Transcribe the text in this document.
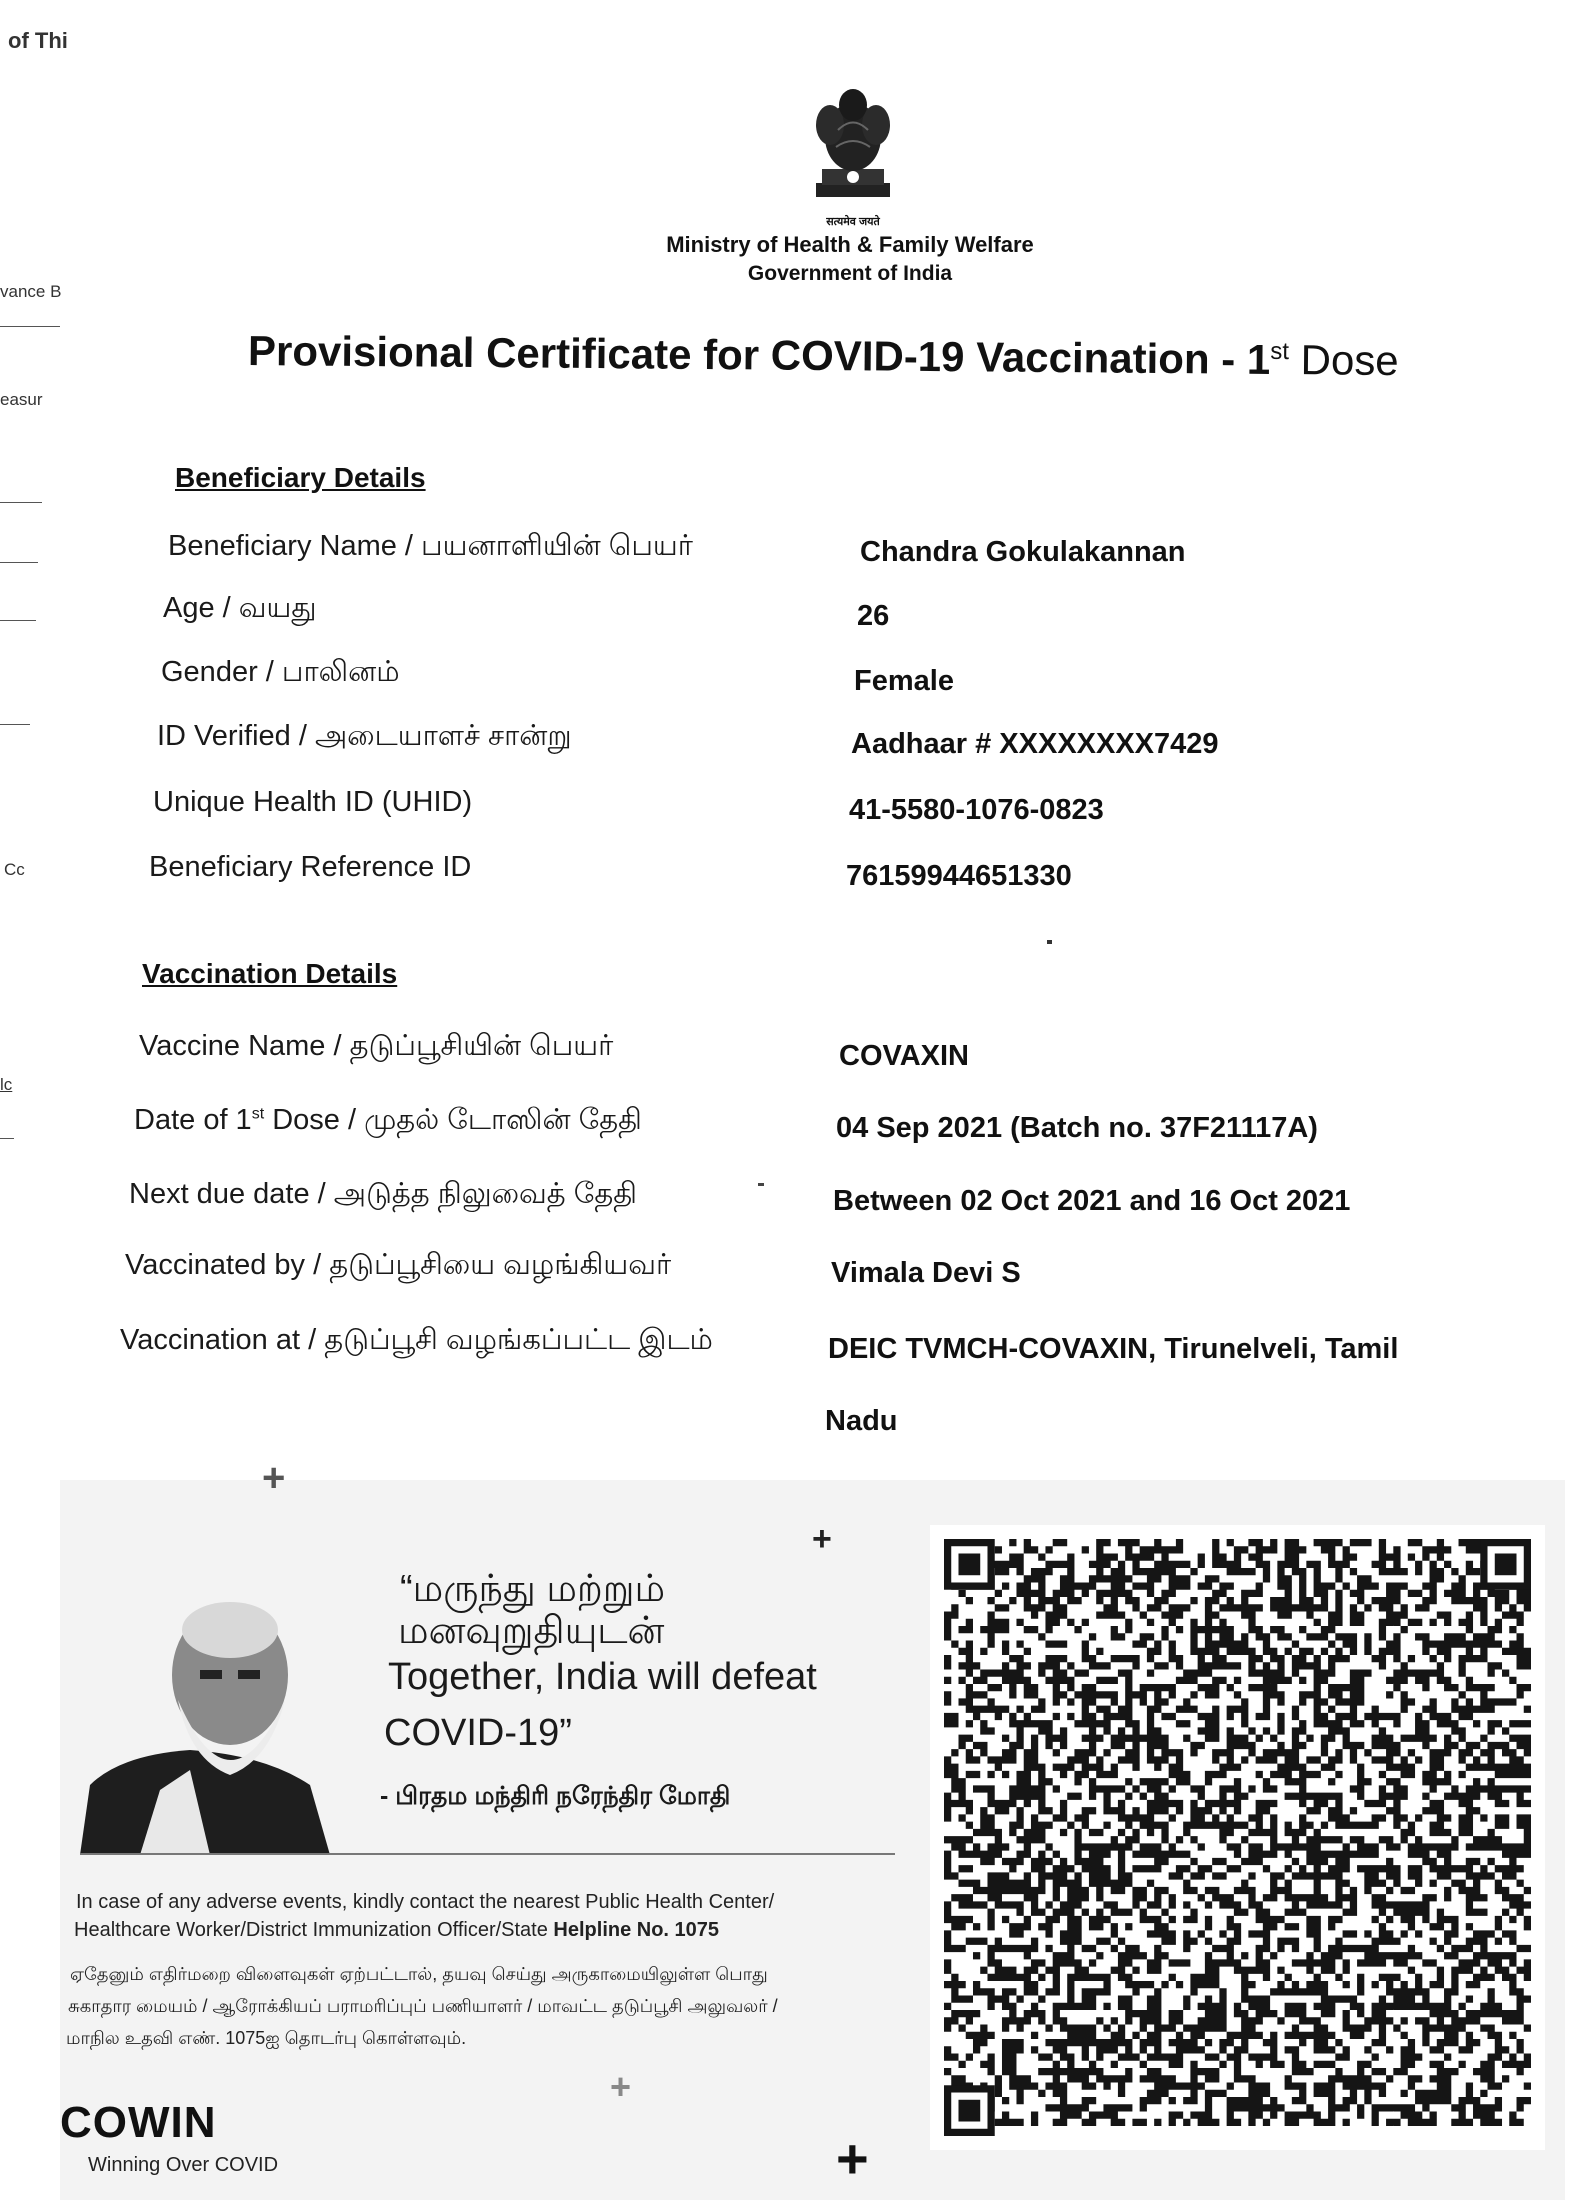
of Thi
vance B
easur
Cc
lc
सत्यमेव जयते
Ministry of Health & Family Welfare
Government of India
Provisional Certificate for COVID-19 Vaccination - 1st Dose
Beneficiary Details
Beneficiary Name / பயனாளியின் பெயர்	Chandra Gokulakannan
Age / வயது	26
Gender / பாலினம்	Female
ID Verified / அடையாளச் சான்று	Aadhaar # XXXXXXXX7429
Unique Health ID (UHID)	41-5580-1076-0823
Beneficiary Reference ID	76159944651330
Vaccination Details
Vaccine Name / தடுப்பூசியின் பெயர்	COVAXIN
Date of 1st Dose / முதல் டோஸின் தேதி	04 Sep 2021 (Batch no. 37F21117A)
Next due date / அடுத்த நிலுவைத் தேதி	Between 02 Oct 2021 and 16 Oct 2021
Vaccinated by / தடுப்பூசியை வழங்கியவர்	Vimala Devi S
Vaccination at / தடுப்பூசி வழங்கப்பட்ட இடம்	DEIC TVMCH-COVAXIN, Tirunelveli, Tamil
Nadu
+
+
+
+
“மருந்து மற்றும்
மனவுறுதியுடன்
Together, India will defeat
COVID-19”
- பிரதம மந்திரி நரேந்திர மோதி
In case of any adverse events, kindly contact the nearest Public Health Center/
Healthcare Worker/District Immunization Officer/State Helpline No. 1075
ஏதேனும் எதிர்மறை விளைவுகள் ஏற்பட்டால், தயவு செய்து அருகாமையிலுள்ள பொது
சுகாதார மையம் / ஆரோக்கியப் பராமரிப்புப் பணியாளர் / மாவட்ட தடுப்பூசி அலுவலர் /
மாநில உதவி எண். 1075ஐ தொடர்பு கொள்ளவும்.
COWIN
Winning Over COVID
